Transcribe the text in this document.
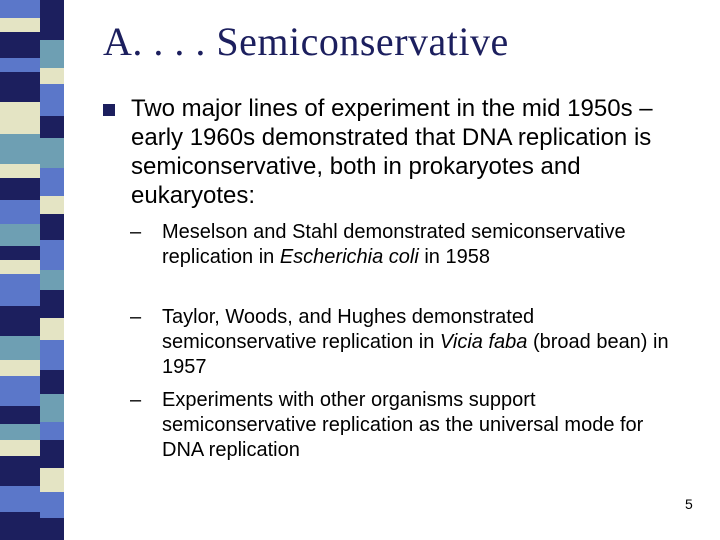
A. . . . Semiconservative
Two major lines of experiment in the mid 1950s – early 1960s demonstrated that DNA replication is semiconservative, both in prokaryotes and eukaryotes:
– Meselson and Stahl demonstrated semiconservative replication in Escherichia coli in 1958
– Taylor, Woods, and Hughes demonstrated semiconservative replication in Vicia faba (broad bean) in 1957
– Experiments with other organisms support semiconservative replication as the universal mode for DNA replication
5
